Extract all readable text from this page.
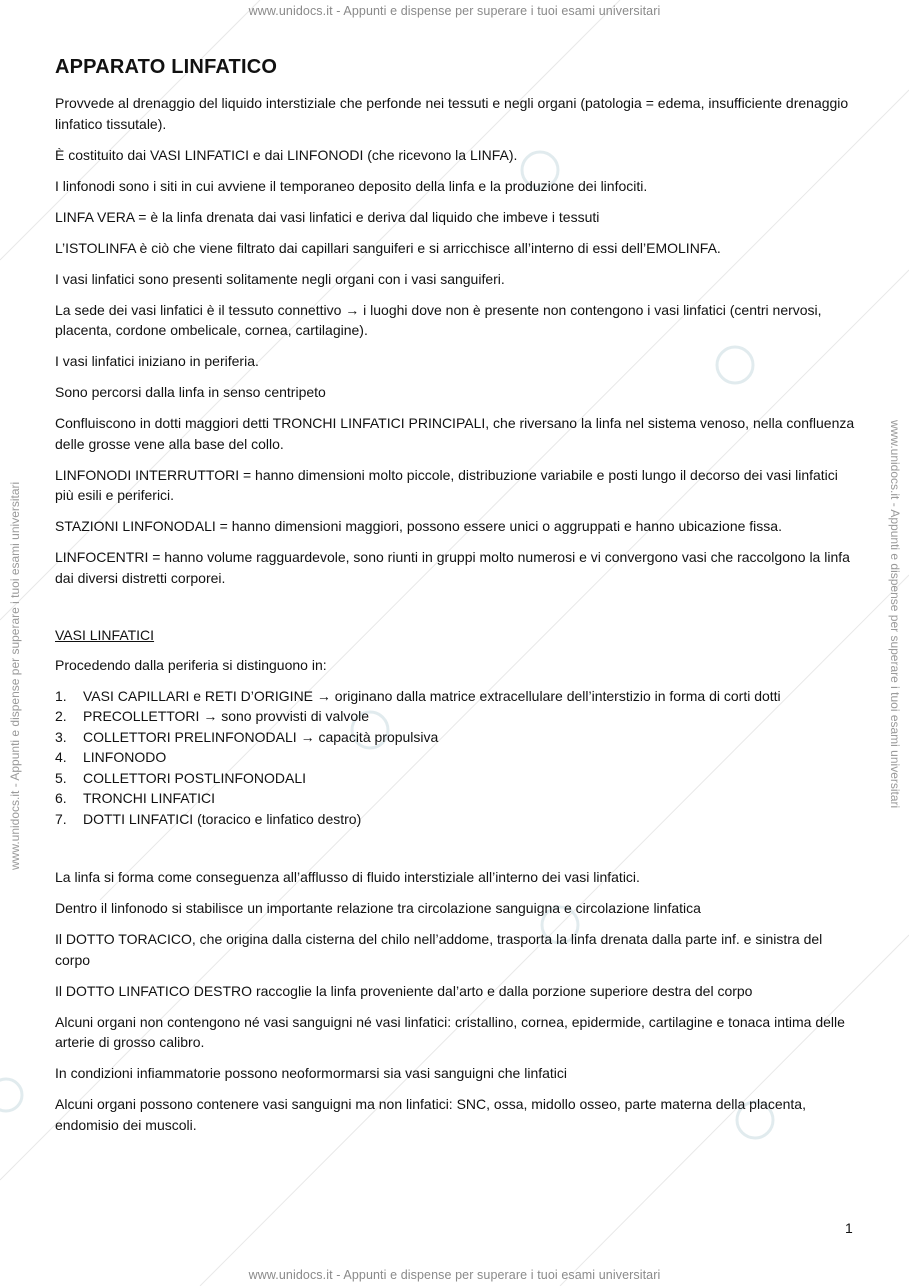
www.unidocs.it - Appunti e dispense per superare i tuoi esami universitari
www.unidocs.it - Appunti e dispense per superare i tuoi esami universitari
www.unidocs.it - Appunti e dispense per superare i tuoi esami universitari	www.unidocs.it - Appunti e dispense per superare i tuoi esami universitari
APPARATO LINFATICO

Provvede al drenaggio del liquido interstiziale che perfonde nei tessuti e negli organi (patologia = edema, insufficiente drenaggio linfatico tissutale).

È costituito dai VASI LINFATICI e dai LINFONODI (che ricevono la LINFA).

I linfonodi sono i siti in cui avviene il temporaneo deposito della linfa e la produzione dei linfociti.

LINFA VERA = è la linfa drenata dai vasi linfatici e deriva dal liquido che imbeve i tessuti

L’ISTOLINFA è ciò che viene filtrato dai capillari sanguiferi e si arricchisce all’interno di essi dell’EMOLINFA.

I vasi linfatici sono presenti solitamente negli organi con i vasi sanguiferi.

La sede dei vasi linfatici è il tessuto connettivo → i luoghi dove non è presente non contengono i vasi linfatici (centri nervosi, placenta, cordone ombelicale, cornea, cartilagine).

I vasi linfatici iniziano in periferia.

Sono percorsi dalla linfa in senso centripeto

Confluiscono in dotti maggiori detti TRONCHI LINFATICI PRINCIPALI, che riversano la linfa nel sistema venoso, nella confluenza delle grosse vene alla base del collo.

LINFONODI INTERRUTTORI = hanno dimensioni molto piccole, distribuzione variabile e posti lungo il decorso dei vasi linfatici più esili e periferici.

STAZIONI LINFONODALI = hanno dimensioni maggiori, possono essere unici o aggruppati e hanno ubicazione fissa.

LINFOCENTRI = hanno volume ragguardevole, sono riunti in gruppi molto numerosi e vi convergono vasi che raccolgono la linfa dai diversi distretti corporei.

VASI LINFATICI

Procedendo dalla periferia si distinguono in:

1.	VASI CAPILLARI e RETI D’ORIGINE → originano dalla matrice extracellulare dell’interstizio in forma di corti dotti
2.	PRECOLLETTORI → sono provvisti di valvole
3.	COLLETTORI PRELINFONODALI → capacità propulsiva
4.	LINFONODO
5.	COLLETTORI POSTLINFONODALI
6.	TRONCHI LINFATICI
7.	DOTTI LINFATICI (toracico e linfatico destro)

La linfa si forma come conseguenza all’afflusso di fluido interstiziale all’interno dei vasi linfatici.

Dentro il linfonodo si stabilisce un importante relazione tra circolazione sanguigna e circolazione linfatica

Il DOTTO TORACICO, che origina dalla cisterna del chilo nell’addome, trasporta la linfa drenata dalla parte inf. e sinistra del corpo

Il DOTTO LINFATICO DESTRO raccoglie la linfa proveniente dal’arto e dalla porzione superiore destra del corpo

Alcuni organi non contengono né vasi sanguigni né vasi linfatici: cristallino, cornea, epidermide, cartilagine e tonaca intima delle arterie di grosso calibro.

In condizioni infiammatorie possono neoformormarsi sia vasi sanguigni che linfatici

Alcuni organi possono contenere vasi sanguigni ma non linfatici: SNC, ossa, midollo osseo, parte materna della placenta, endomisio dei muscoli.

1
